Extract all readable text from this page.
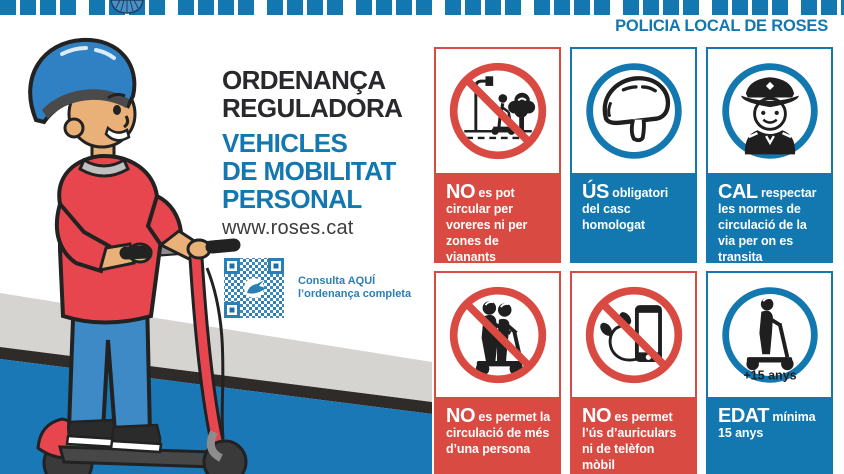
POLICIA LOCAL DE ROSES
ORDENANÇA
REGULADORA
VEHICLES
DE MOBILITAT
PERSONAL
www.roses.cat
Consulta AQUÍ
l’ordenança completa
NO es pot circular per voreres ni per zones de vianants
ÚS obligatori del casc homologat
CAL respectar les normes de circulació de la via per on es transita
NO es permet la circulació de més d’una persona
NO es permet l’ús d’auriculars ni de telèfon mòbil
+15 anys
EDAT mínima 15 anys
